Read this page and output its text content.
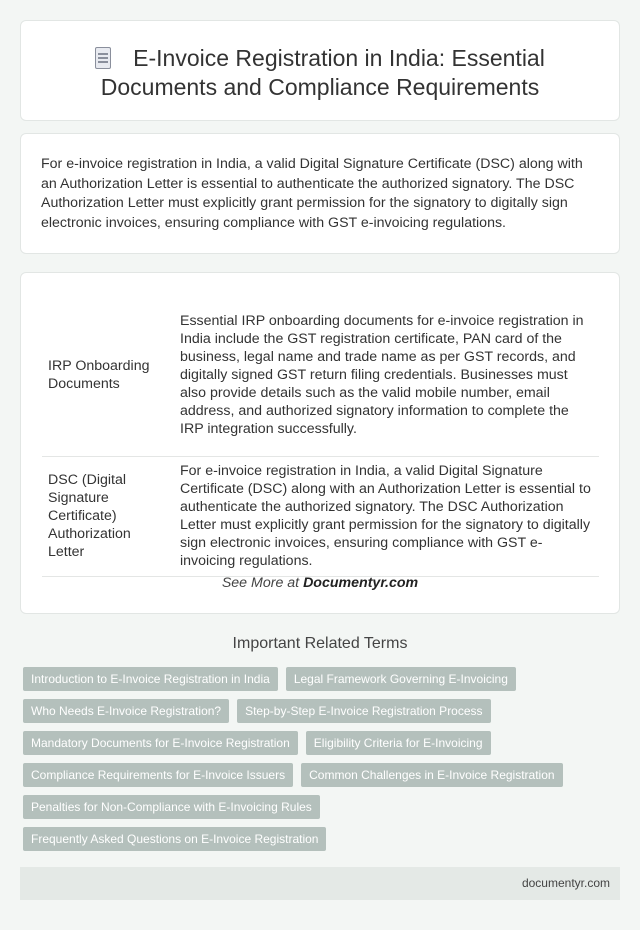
E-Invoice Registration in India: Essential Documents and Compliance Requirements

For e-invoice registration in India, a valid Digital Signature Certificate (DSC) along with an Authorization Letter is essential to authenticate the authorized signatory. The DSC Authorization Letter must explicitly grant permission for the signatory to digitally sign electronic invoices, ensuring compliance with GST e-invoicing regulations.

IRP Onboarding Documents	Essential IRP onboarding documents for e-invoice registration in India include the GST registration certificate, PAN card of the business, legal name and trade name as per GST records, and digitally signed GST return filing credentials. Businesses must also provide details such as the valid mobile number, email address, and authorized signatory information to complete the IRP integration successfully.
DSC (Digital Signature Certificate) Authorization Letter	For e-invoice registration in India, a valid Digital Signature Certificate (DSC) along with an Authorization Letter is essential to authenticate the authorized signatory. The DSC Authorization Letter must explicitly grant permission for the signatory to digitally sign electronic invoices, ensuring compliance with GST e-invoicing regulations.
See More at Documentyr.com
Important Related Terms
Introduction to E-Invoice Registration in India	Legal Framework Governing E-Invoicing
Who Needs E-Invoice Registration?	Step-by-Step E-Invoice Registration Process
Mandatory Documents for E-Invoice Registration	Eligibility Criteria for E-Invoicing
Compliance Requirements for E-Invoice Issuers	Common Challenges in E-Invoice Registration
Penalties for Non-Compliance with E-Invoicing Rules
Frequently Asked Questions on E-Invoice Registration
documentyr.com
